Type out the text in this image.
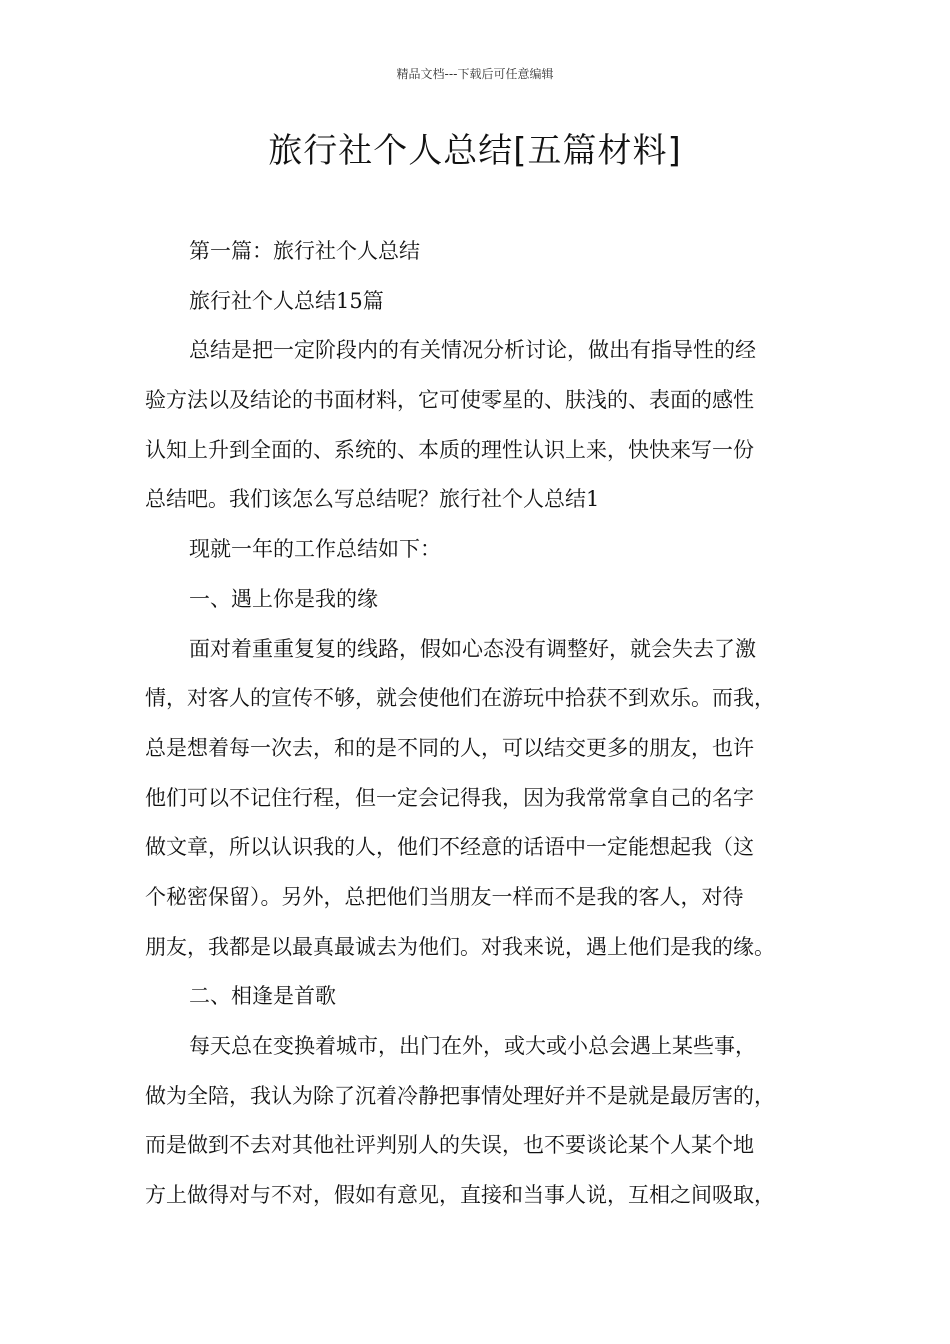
精品文档---下载后可任意编辑
旅行社个人总结[五篇材料]
第一篇：旅行社个人总结
旅行社个人总结15篇
总结是把一定阶段内的有关情况分析讨论，做出有指导性的经
验方法以及结论的书面材料，它可使零星的、肤浅的、表面的感性
认知上升到全面的、系统的、本质的理性认识上来，快快来写一份
总结吧。我们该怎么写总结呢？旅行社个人总结1
现就一年的工作总结如下：
一、遇上你是我的缘
面对着重重复复的线路，假如心态没有调整好，就会失去了激
情，对客人的宣传不够，就会使他们在游玩中拾获不到欢乐。而我，
总是想着每一次去，和的是不同的人，可以结交更多的朋友，也许
他们可以不记住行程，但一定会记得我，因为我常常拿自己的名字
做文章，所以认识我的人，他们不经意的话语中一定能想起我（这
个秘密保留）。另外，总把他们当朋友一样而不是我的客人，对待
朋友，我都是以最真最诚去为他们。对我来说，遇上他们是我的缘。
二、相逢是首歌
每天总在变换着城市，出门在外，或大或小总会遇上某些事，
做为全陪，我认为除了沉着冷静把事情处理好并不是就是最厉害的，
而是做到不去对其他社评判别人的失误，也不要谈论某个人某个地
方上做得对与不对，假如有意见，直接和当事人说，互相之间吸取，
